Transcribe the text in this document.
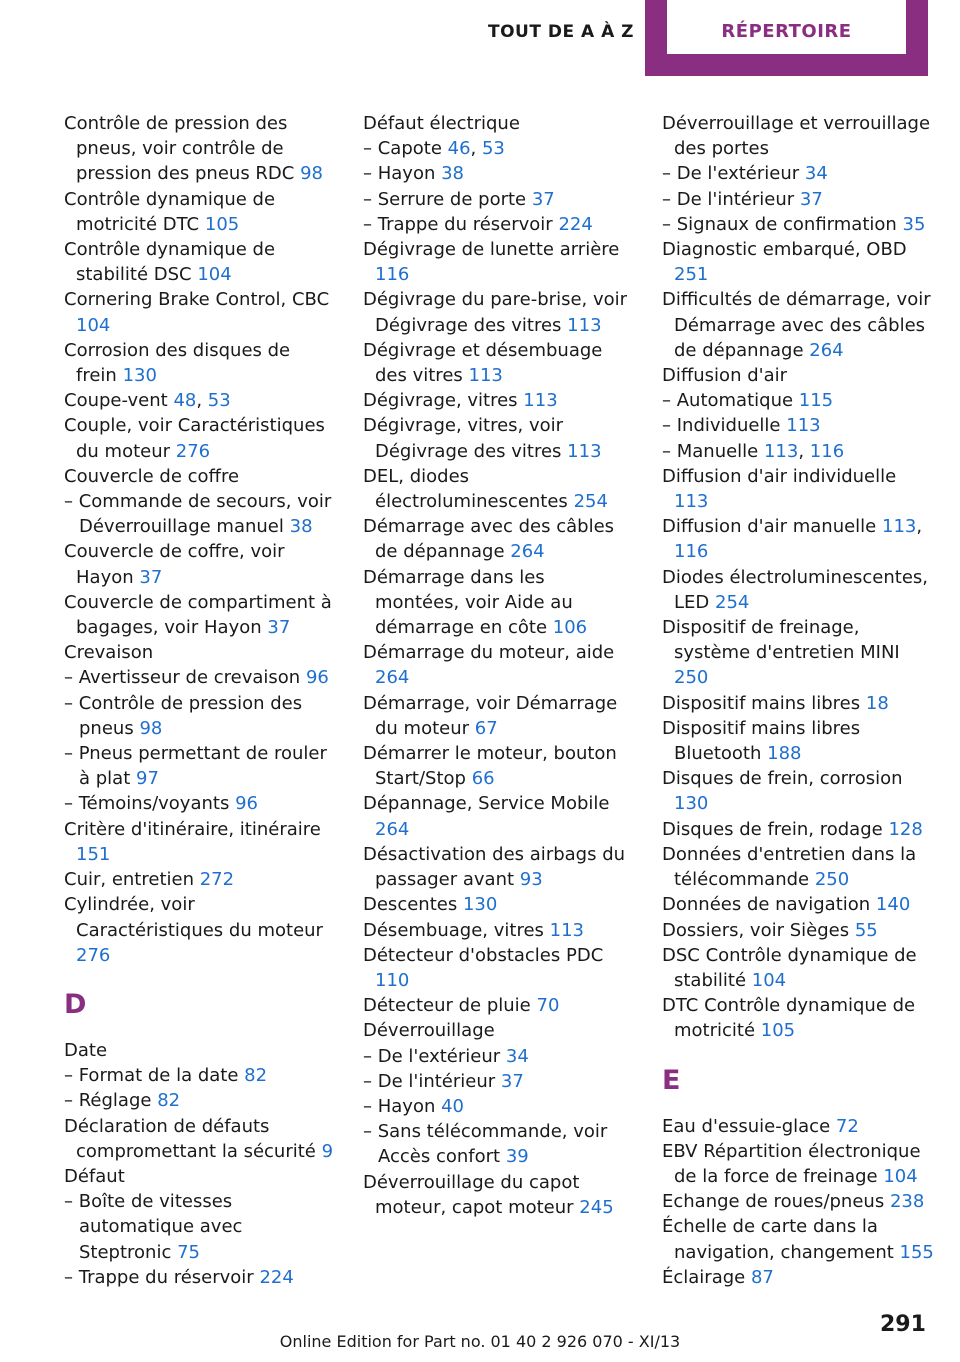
TOUT DE A À Z	RÉPERTOIRE

Contrôle de pression des pneus, voir contrôle de pression des pneus RDC 98

Contrôle dynamique de motricité DTC 105

Contrôle dynamique de stabilité DSC 104

Cornering Brake Control, CBC 104

Corrosion des disques de frein 130

Coupe-vent 48, 53

Couple, voir Caractéristiques du moteur 276

Couvercle de coffre

– Commande de secours, voir Déverrouillage manuel 38

Couvercle de coffre, voir Hayon 37

Couvercle de compartiment à bagages, voir Hayon 37

Crevaison

– Avertisseur de crevaison 96

– Contrôle de pression des pneus 98

– Pneus permettant de rouler à plat 97

– Témoins/voyants 96

Critère d'itinéraire, itinéraire 151

Cuir, entretien 272

Cylindrée, voir Caractéristiques du moteur 276

D

Date

– Format de la date 82

– Réglage 82

Déclaration de défauts compromettant la sécurité 9

Défaut

– Boîte de vitesses automatique avec Steptronic 75

– Trappe du réservoir 224

Défaut électrique

– Capote 46, 53

– Hayon 38

– Serrure de porte 37

– Trappe du réservoir 224

Dégivrage de lunette arrière 116

Dégivrage du pare-brise, voir Dégivrage des vitres 113

Dégivrage et désembuage des vitres 113

Dégivrage, vitres 113

Dégivrage, vitres, voir Dégivrage des vitres 113

DEL, diodes électroluminescentes 254

Démarrage avec des câbles de dépannage 264

Démarrage dans les montées, voir Aide au démarrage en côte 106

Démarrage du moteur, aide 264

Démarrage, voir Démarrage du moteur 67

Démarrer le moteur, bouton Start/Stop 66

Dépannage, Service Mobile 264

Désactivation des airbags du passager avant 93

Descentes 130

Désembuage, vitres 113

Détecteur d'obstacles PDC 110

Détecteur de pluie 70

Déverrouillage

– De l'extérieur 34

– De l'intérieur 37

– Hayon 40

– Sans télécommande, voir Accès confort 39

Déverrouillage du capot moteur, capot moteur 245

Déverrouillage et verrouillage des portes

– De l'extérieur 34

– De l'intérieur 37

– Signaux de confirmation 35

Diagnostic embarqué, OBD 251

Difficultés de démarrage, voir Démarrage avec des câbles de dépannage 264

Diffusion d'air

– Automatique 115

– Individuelle 113

– Manuelle 113, 116

Diffusion d'air individuelle 113

Diffusion d'air manuelle 113, 116

Diodes électroluminescentes, LED 254

Dispositif de freinage, système d'entretien MINI 250

Dispositif mains libres 18

Dispositif mains libres Bluetooth 188

Disques de frein, corrosion 130

Disques de frein, rodage 128

Données d'entretien dans la télécommande 250

Données de navigation 140

Dossiers, voir Sièges 55

DSC Contrôle dynamique de stabilité 104

DTC Contrôle dynamique de motricité 105

E

Eau d'essuie-glace 72

EBV Répartition électronique de la force de freinage 104

Echange de roues/pneus 238

Échelle de carte dans la navigation, changement 155

Éclairage 87

291
Online Edition for Part no. 01 40 2 926 070 - XI/13
